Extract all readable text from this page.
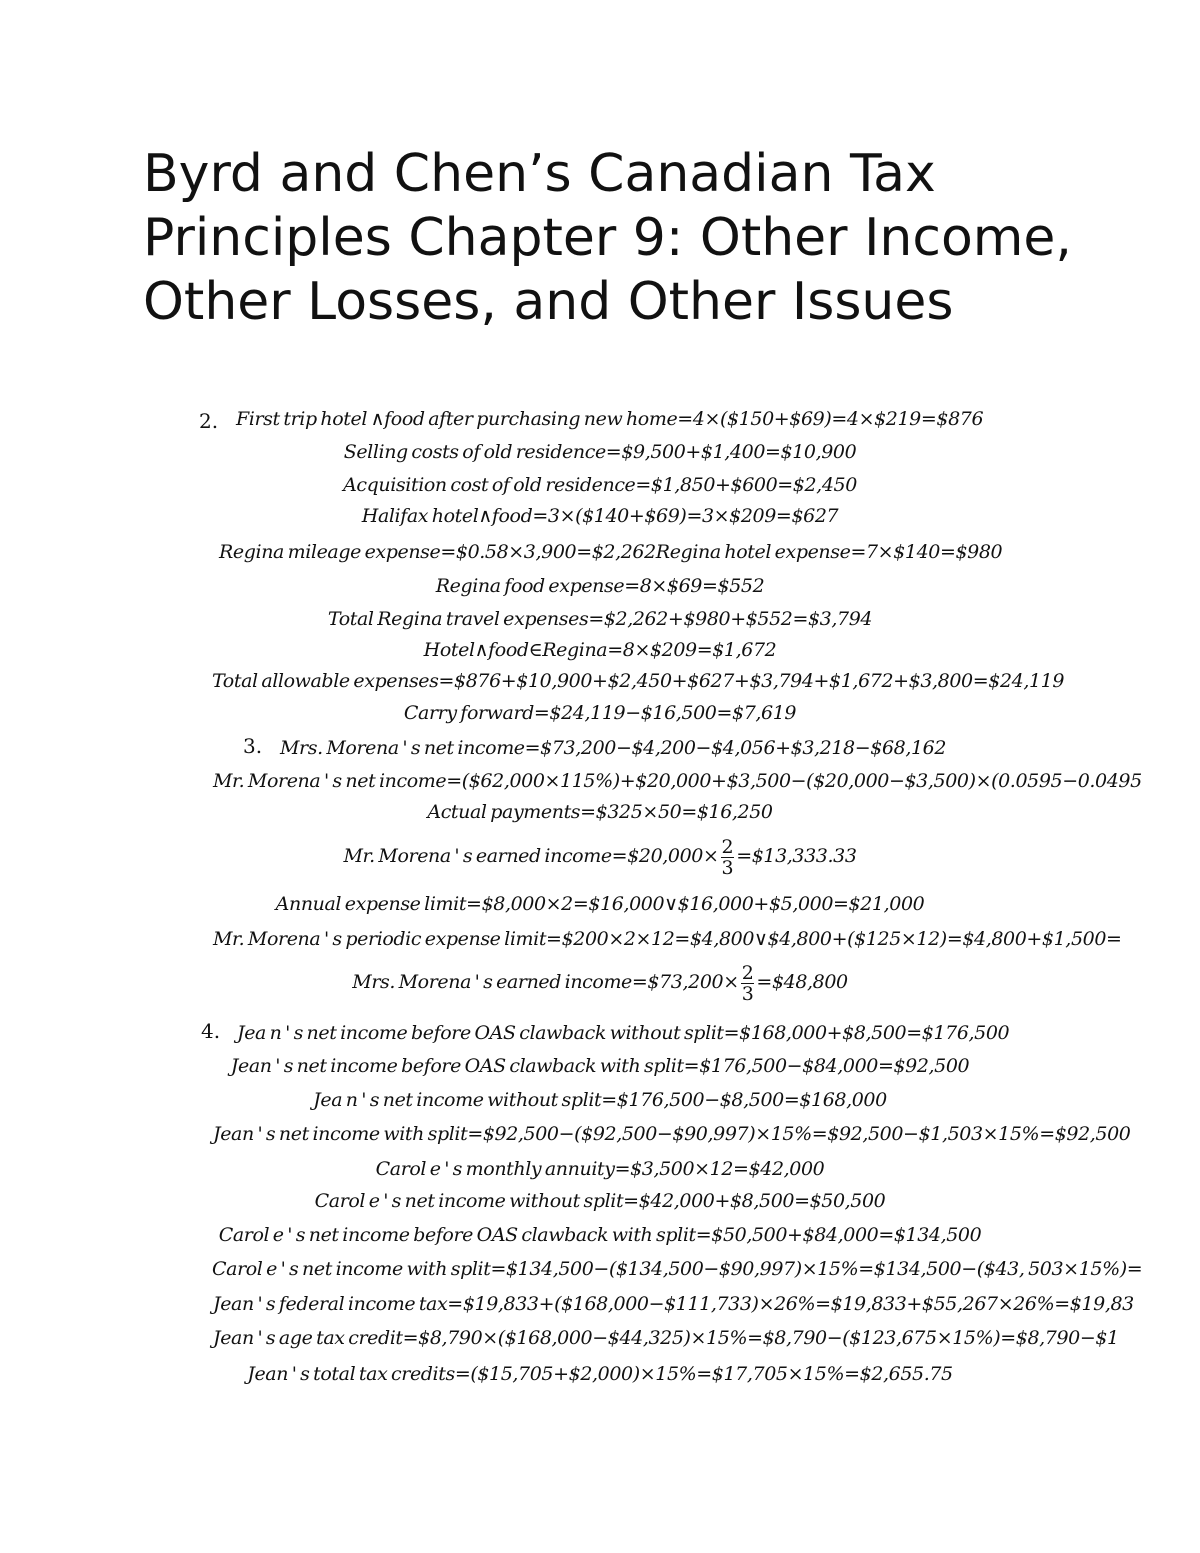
Byrd and Chen’s Canadian Tax Principles Chapter 9: Other Income, Other Losses, and Other Issues
2. First trip hotel ∧food after purchasing new home=4×($150+$69)=4×$219=$876
Selling costs of old residence=$9,500+$1,400=$10,900
Acquisition cost of old residence=$1,850+$600=$2,450
Halifax hotel∧food=3×($140+$69)=3×$209=$627
Regina mileage expense=$0.58×3,900=$2,262Regina hotel expense=7×$140=$980
Regina food expense=8×$69=$552
Total Regina travel expenses=$2,262+$980+$552=$3,794
Hotel∧food∈Regina=8×$209=$1,672
Total allowable expenses=$876+$10,900+$2,450+$627+$3,794+$1,672+$3,800=$24,119
Carry forward=$24,119−$16,500=$7,619
3. Mrs. Morena ' s net income=$73,200−$4,200−$4,056+$3,218−$68,162
Mr. Morena ' s net income=($62,000×115%)+$20,000+$3,500−($20,000−$3,500)×(0.0595−0.0495
Actual payments=$325×50=$16,250
Mr. Morena ' s earned income=$20,000× $\frac{2}{3}$ =$13,333.33
Annual expense limit=$8,000×2=$16,000∨$16,000+$5,000=$21,000
Mr. Morena ' s periodic expense limit=$200×2×12=$4,800∨$4,800+($125×12)=$4,800+$1,500=
Mrs. Morena ' s earned income=$73,200× $\frac{2}{3}$ =$48,800
4. Jea n ' s net income before OAS clawback without split=$168,000+$8,500=$176,500
Jean ' s net income before OAS clawback with split=$176,500−$84,000=$92,500
Jea n ' s net income without split=$176,500−$8,500=$168,000
Jean ' s net income with split=$92,500−($92,500−$90,997)×15%=$92,500−$1,503×15%=$92,500
Carol e ' s monthly annuity=$3,500×12=$42,000
Carol e ' s net income without split=$42,000+$8,500=$50,500
Carol e ' s net income before OAS clawback with split=$50,500+$84,000=$134,500
Carol e ' s net income with split=$134,500−($134,500−$90,997)×15%=$134,500−($43, 503×15%)=
Jean ' s federal income tax=$19,833+($168,000−$111,733)×26%=$19,833+$55,267×26%=$19,83
Jean ' s age tax credit=$8,790×($168,000−$44,325)×15%=$8,790−($123,675×15%)=$8,790−$1
Jean ' s total tax credits=($15,705+$2,000)×15%=$17,705×15%=$2,655.75
